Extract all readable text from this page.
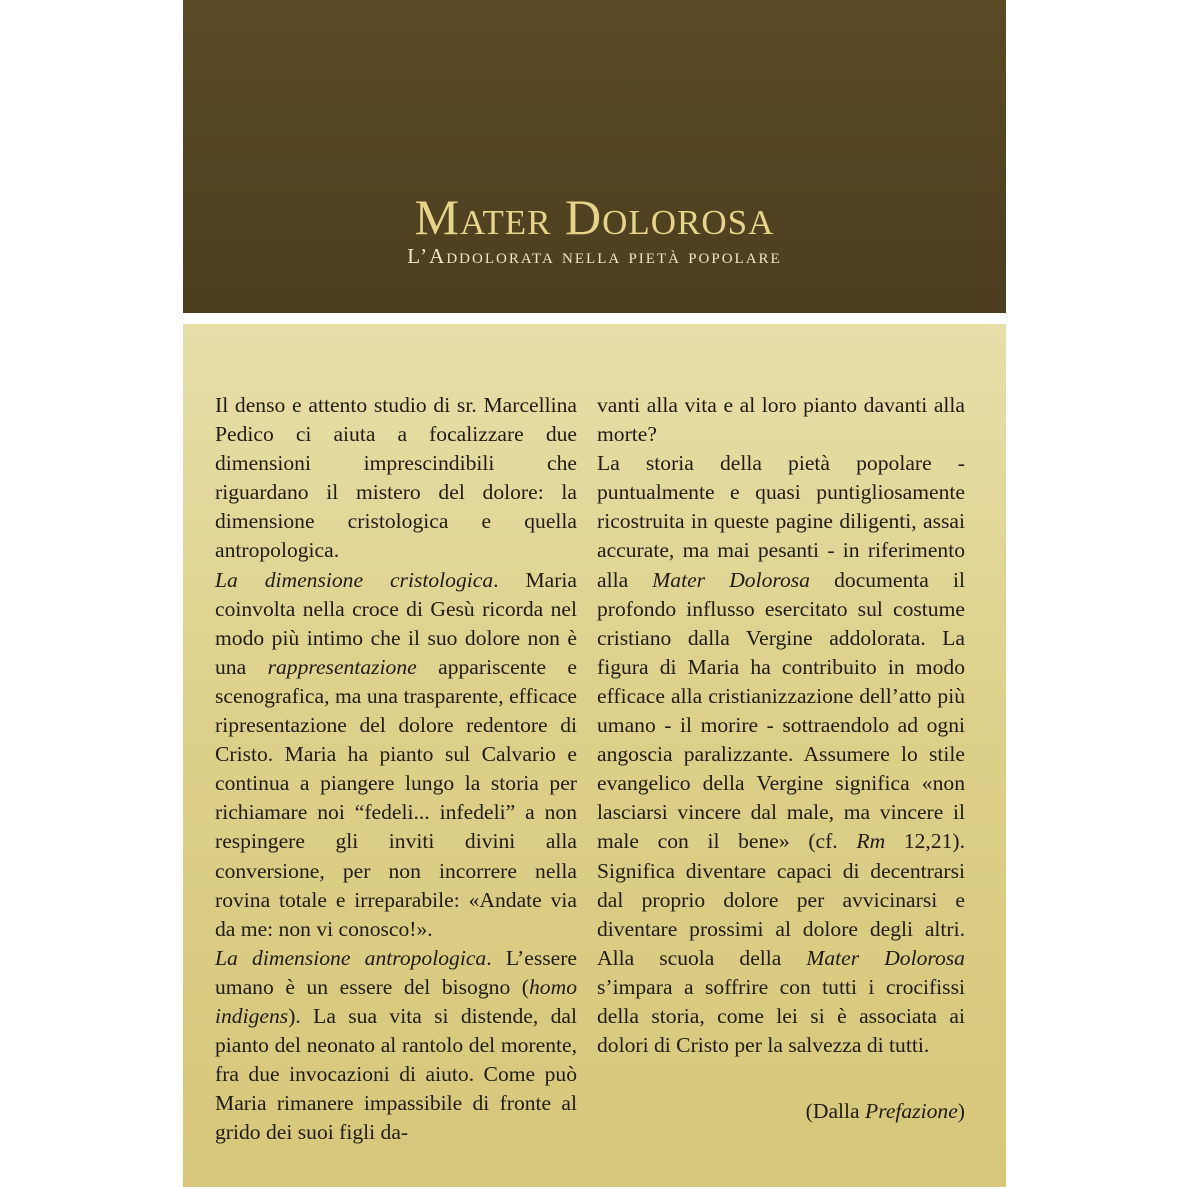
Mater Dolorosa
L’Addolorata nella pietà popolare

Il denso e attento studio di sr. Marcellina Pedico ci aiuta a focalizzare due dimensioni imprescindibili che riguardano il mistero del dolore: la dimensione cristologica e quella antropologica.

La dimensione cristologica. Maria coinvolta nella croce di Gesù ricorda nel modo più intimo che il suo dolore non è una rappresentazione appariscente e scenografica, ma una trasparente, efficace ripresentazione del dolore redentore di Cristo. Maria ha pianto sul Calvario e continua a piangere lungo la storia per richiamare noi “fedeli... infedeli” a non respingere gli inviti divini alla conversione, per non incorrere nella rovina totale e irreparabile: «Andate via da me: non vi conosco!».

La dimensione antropologica. L’essere umano è un essere del bisogno (homo indigens). La sua vita si distende, dal pianto del neonato al rantolo del morente, fra due invocazioni di aiuto. Come può Maria rimanere impassibile di fronte al grido dei suoi figli da-

vanti alla vita e al loro pianto davanti alla morte?

La storia della pietà popolare - puntualmente e quasi puntigliosamente ricostruita in queste pagine diligenti, assai accurate, ma mai pesanti - in riferimento alla Mater Dolorosa documenta il profondo influsso esercitato sul costume cristiano dalla Vergine addolorata. La figura di Maria ha contribuito in modo efficace alla cristianizzazione dell’atto più umano - il morire - sottraendolo ad ogni angoscia paralizzante. Assumere lo stile evangelico della Vergine significa «non lasciarsi vincere dal male, ma vincere il male con il bene» (cf. Rm 12,21). Significa diventare capaci di decentrarsi dal proprio dolore per avvicinarsi e diventare prossimi al dolore degli altri. Alla scuola della Mater Dolorosa s’impara a soffrire con tutti i crocifissi della storia, come lei si è associata ai dolori di Cristo per la salvezza di tutti.

(Dalla Prefazione)
